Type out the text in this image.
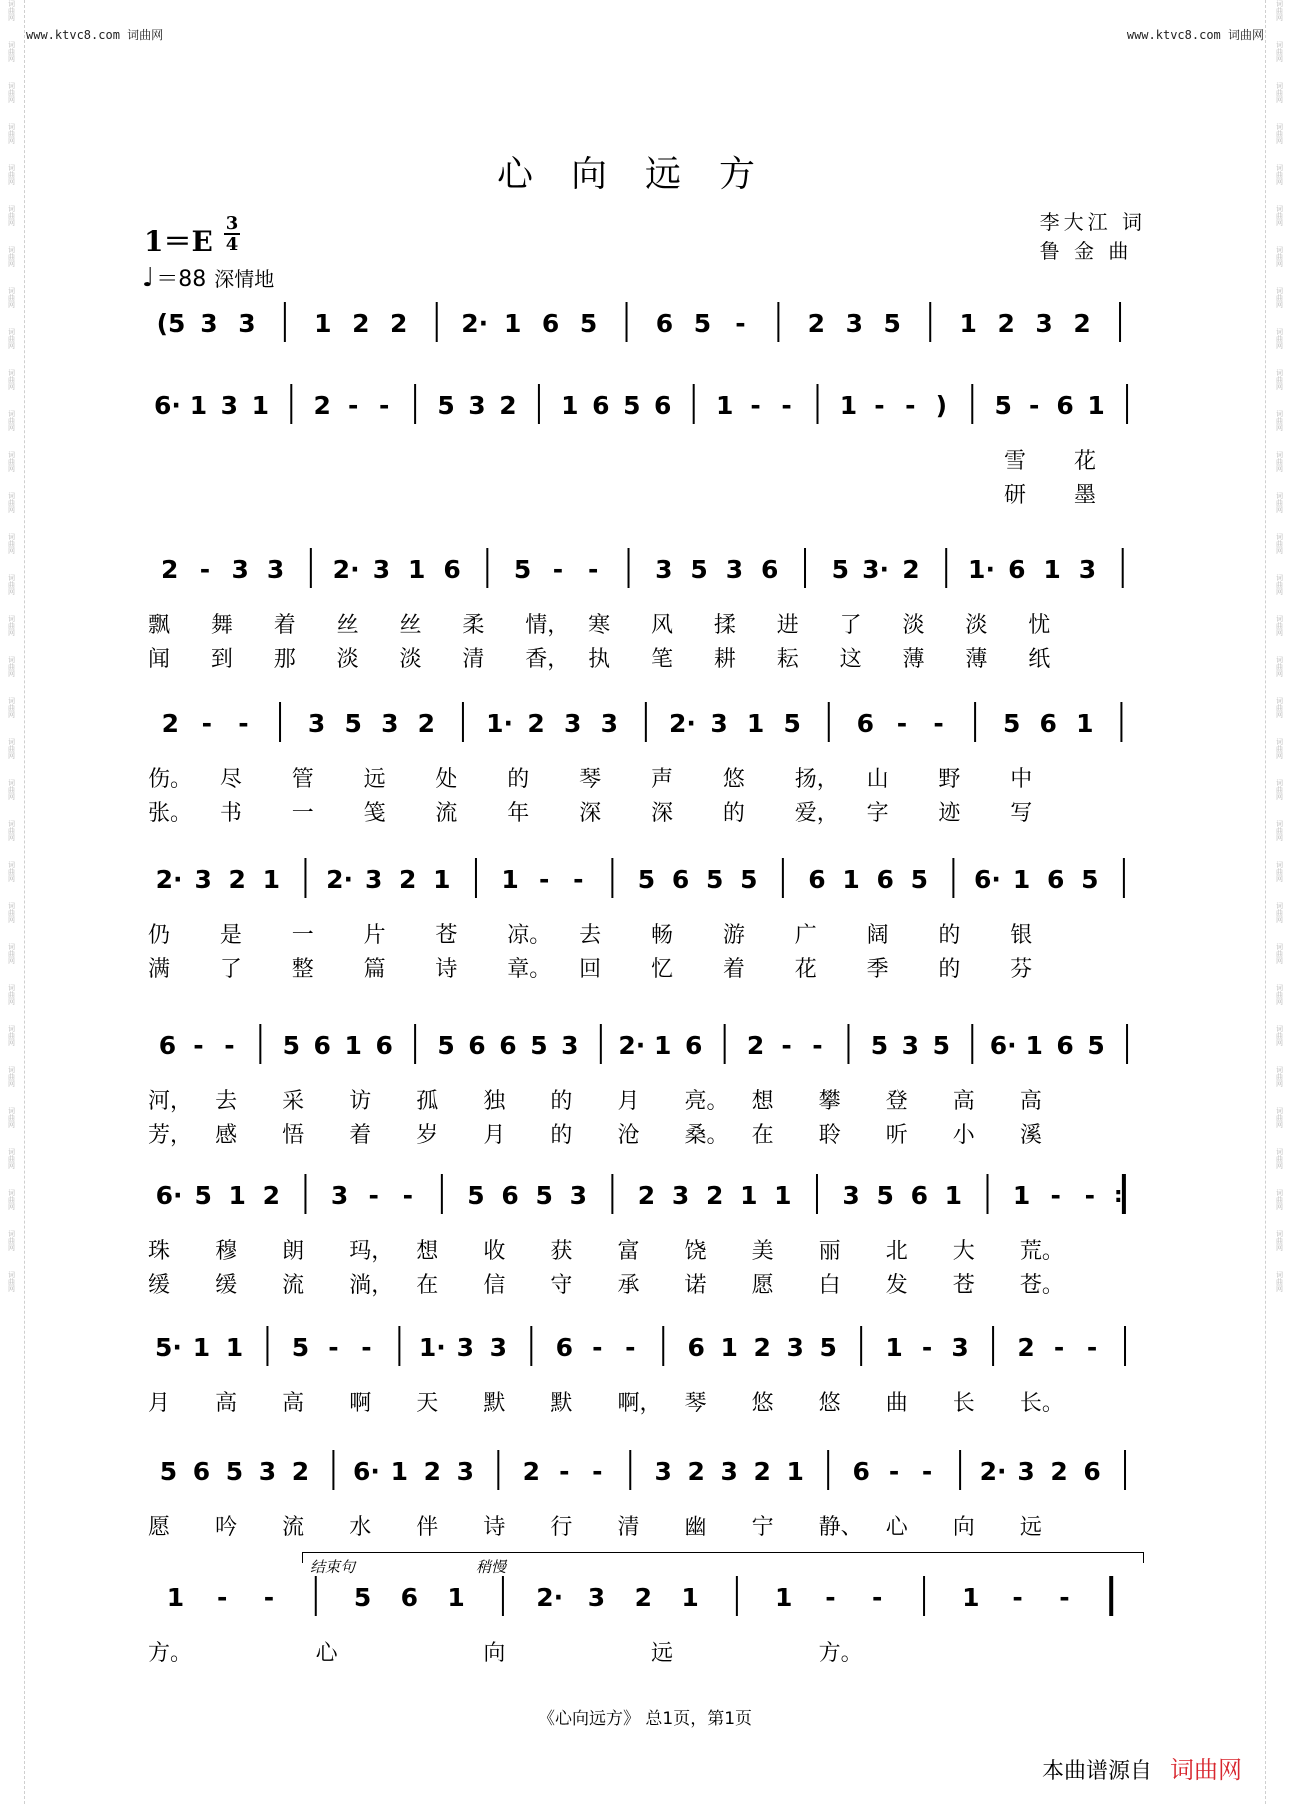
词曲网
词曲网
词曲网
词曲网
词曲网
词曲网
词曲网
词曲网
词曲网
词曲网
词曲网
词曲网
词曲网
词曲网
词曲网
词曲网
词曲网
词曲网
词曲网
词曲网
词曲网
词曲网
词曲网
词曲网
词曲网
词曲网
词曲网
词曲网
词曲网
词曲网
词曲网
词曲网
词曲网
词曲网
词曲网
词曲网
词曲网
词曲网
词曲网
词曲网
词曲网
词曲网
词曲网
词曲网
词曲网
词曲网
词曲网
词曲网
词曲网
词曲网
词曲网
词曲网
词曲网
词曲网
词曲网
词曲网
词曲网
词曲网
词曲网
词曲网
词曲网
词曲网
词曲网
词曲网
www.ktvc8.com 词曲网	www.ktvc8.com 词曲网
心向远方
1＝E
3
4
♩ ＝88 深情地
李大江 词
鲁 金 曲
(5 3 3 1 2 2 2· 1 6 5 6 5 - 2 3 5 1 2 3 2
6· 1 3 1 2 - - 5 3 2 1 6 5 6 1 - - 1 - - ) 5 - 6 1
雪 花
研 墨
2 - 3 3 2· 3 1 6 5 - - 3 5 3 6 5 3· 2 1· 6 1 3
飘 舞 着 丝 丝 柔 情， 寒 风 揉 进 了 淡 淡 忧
闻 到 那 淡 淡 清 香， 执 笔 耕 耘 这 薄 薄 纸
2 - - 3 5 3 2 1· 2 3 3 2· 3 1 5 6 - - 5 6 1
伤。 尽 管 远 处 的 琴 声 悠 扬， 山 野 中
张。 书 一 笺 流 年 深 深 的 爱， 字 迹 写
2· 3 2 1 2· 3 2 1 1 - - 5 6 5 5 6 1 6 5 6· 1 6 5
仍 是 一 片 苍 凉。 去 畅 游 广 阔 的 银
满 了 整 篇 诗 章。 回 忆 着 花 季 的 芬
6 - - 5 6 1 6 5 6 6 5 3 2· 1 6 2 - - 5 3 5 6· 1 6 5
河， 去 采 访 孤 独 的 月 亮。 想 攀 登 高 高
芳， 感 悟 着 岁 月 的 沧 桑。 在 聆 听 小 溪
6· 5 1 2 3 - - 5 6 5 3 2 3 2 1 1 3 5 6 1 1 - - :
珠 穆 朗 玛， 想 收 获 富 饶 美 丽 北 大 荒。
缓 缓 流 淌， 在 信 守 承 诺 愿 白 发 苍 苍。
5· 1 1 5 - - 1· 3 3 6 - - 6 1 2 3 5 1 - 3 2 - -
月 高 高 啊 天 默 默 啊， 琴 悠 悠 曲 长 长。
5 6 5 3 2 6· 1 2 3 2 - - 3 2 3 2 1 6 - - 2· 3 2 6
愿 吟 流 水 伴 诗 行 清 幽 宁 静、 心 向 远
1 - -	5 6 1	2· 3 2 1	1 - -	1 - -
方。	心	向	远	方。
结束句	稍慢
《心向远方》 总1页，第1页
本曲谱源自 词曲网
